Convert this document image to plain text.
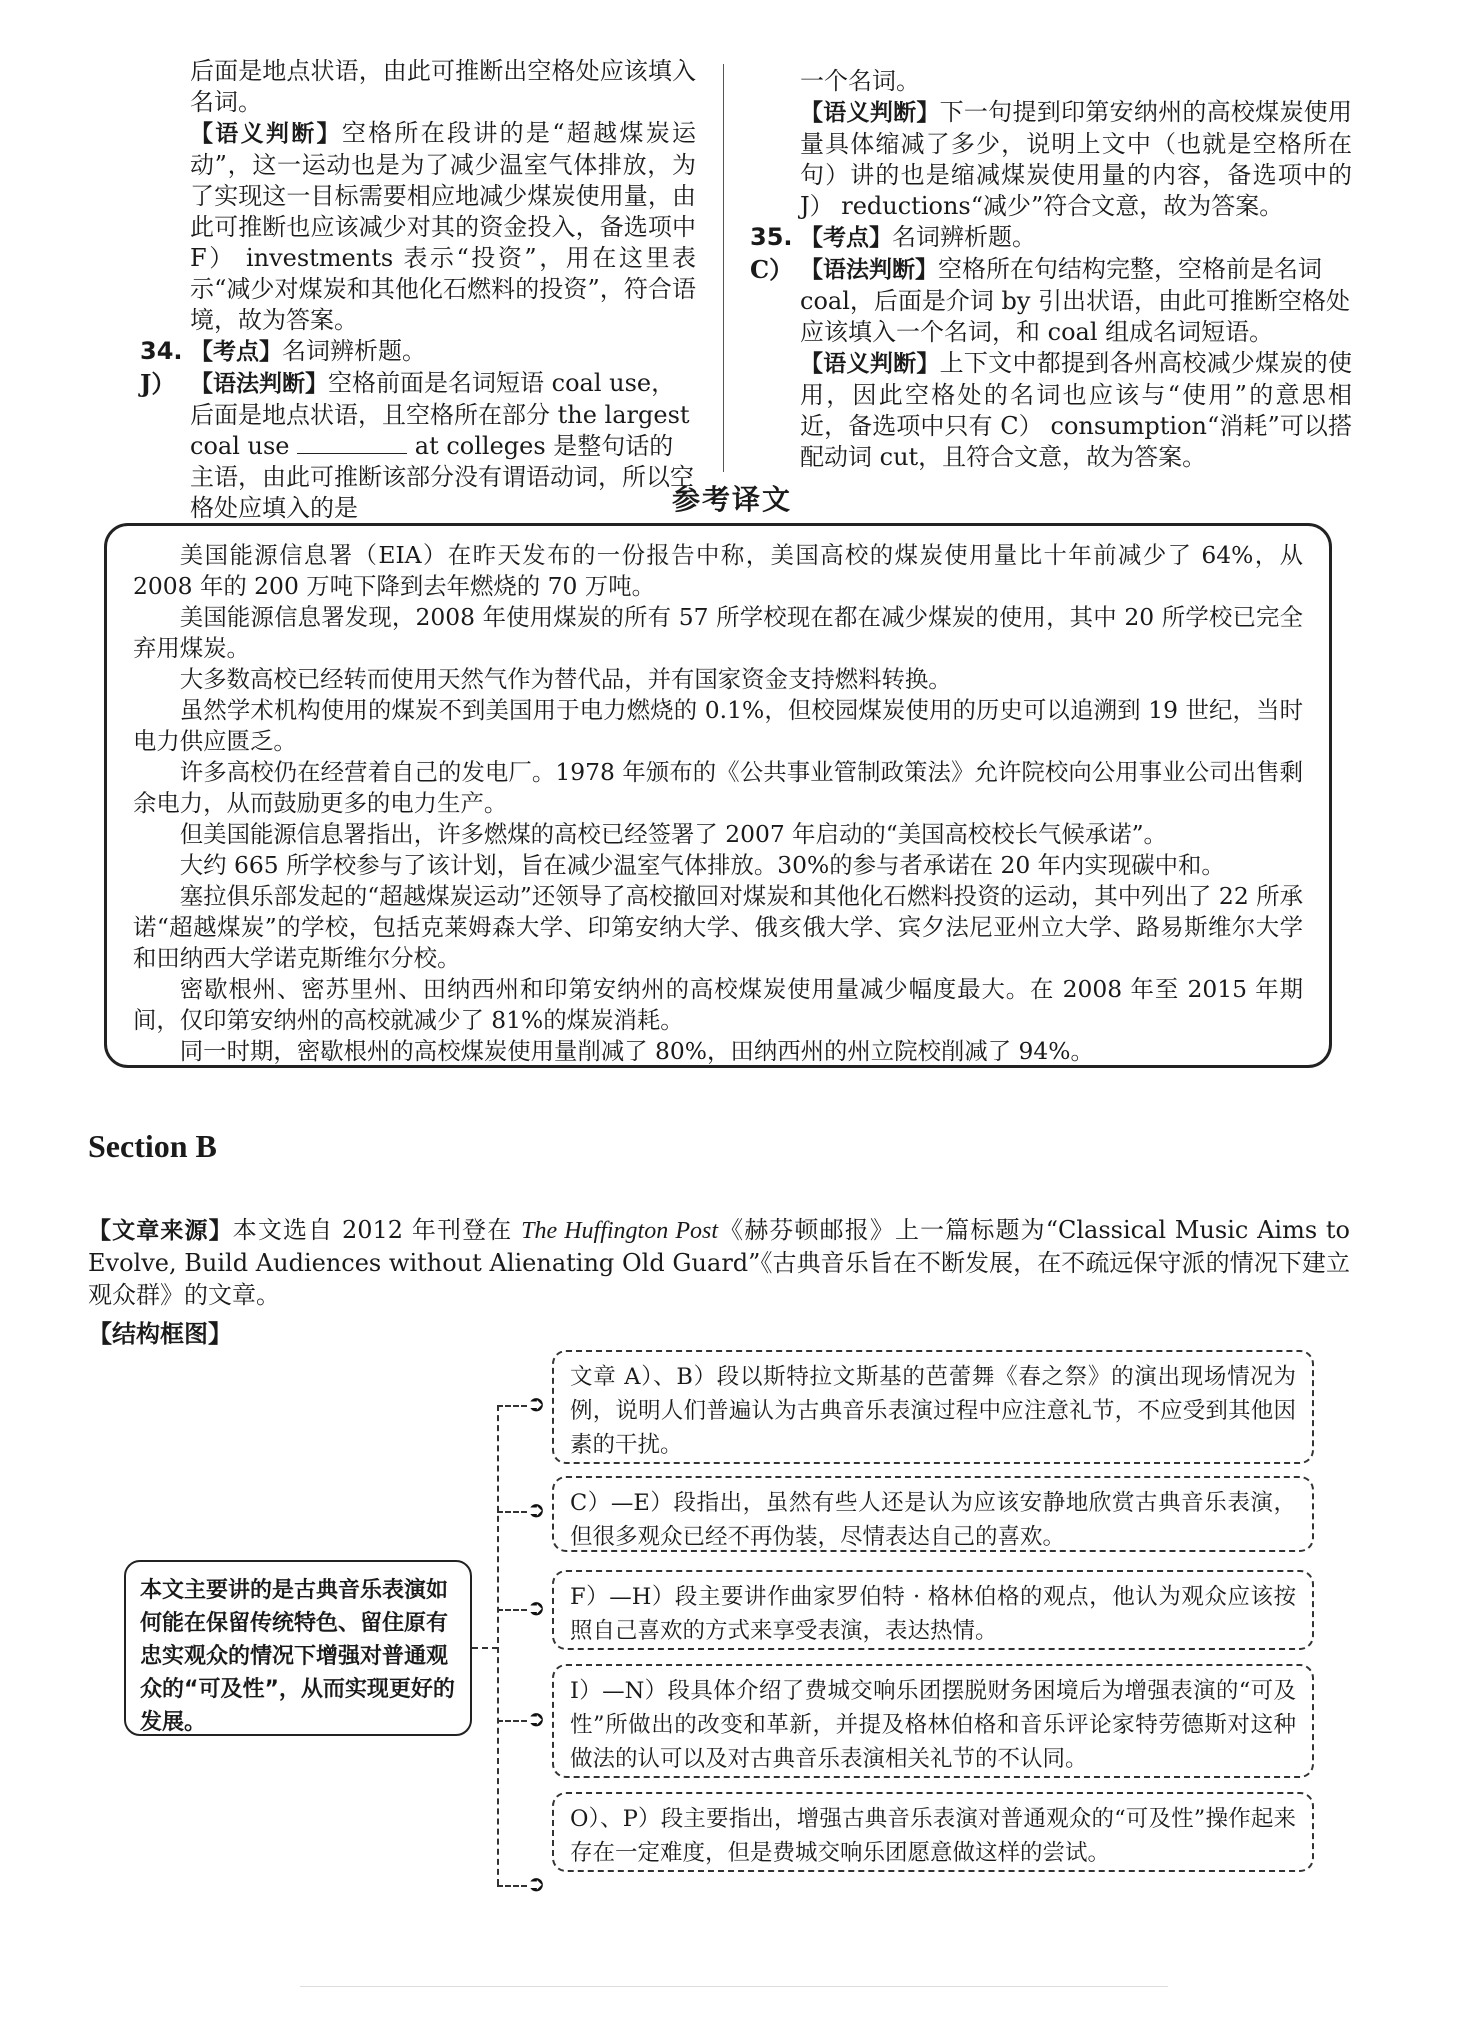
后面是地点状语，由此可推断出空格处应该填入名词。

【语义判断】空格所在段讲的是“超越煤炭运动”，这一运动也是为了减少温室气体排放，为了实现这一目标需要相应地减少煤炭使用量，由此可推断也应该减少对其的资金投入，备选项中 F） investments 表示“投资”，用在这里表示“减少对煤炭和其他化石燃料的投资”，符合语境，故为答案。

34. 【考点】名词辨析题。
J） 【语法判断】空格前面是名词短语 coal use，后面是地点状语，且空格所在部分 the largest coal use	at colleges 是整句话的主语，由此可推断该部分没有谓语动词，所以空格处应填入的是

一个名词。

【语义判断】下一句提到印第安纳州的高校煤炭使用量具体缩减了多少，说明上文中（也就是空格所在句）讲的也是缩减煤炭使用量的内容，备选项中的 J） reductions“减少”符合文意，故为答案。

35. 【考点】名词辨析题。
C） 【语法判断】空格所在句结构完整，空格前是名词 coal，后面是介词 by 引出状语，由此可推断空格处应该填入一个名词，和 coal 组成名词短语。

【语义判断】上下文中都提到各州高校减少煤炭的使用，因此空格处的名词也应该与“使用”的意思相近，备选项中只有 C） consumption“消耗”可以搭配动词 cut，且符合文意，故为答案。

参考译文

美国能源信息署（EIA）在昨天发布的一份报告中称，美国高校的煤炭使用量比十年前减少了 64%，从 2008 年的 200 万吨下降到去年燃烧的 70 万吨。

美国能源信息署发现，2008 年使用煤炭的所有 57 所学校现在都在减少煤炭的使用，其中 20 所学校已完全弃用煤炭。

大多数高校已经转而使用天然气作为替代品，并有国家资金支持燃料转换。

虽然学术机构使用的煤炭不到美国用于电力燃烧的 0.1%，但校园煤炭使用的历史可以追溯到 19 世纪，当时电力供应匮乏。

许多高校仍在经营着自己的发电厂。1978 年颁布的《公共事业管制政策法》允许院校向公用事业公司出售剩余电力，从而鼓励更多的电力生产。

但美国能源信息署指出，许多燃煤的高校已经签署了 2007 年启动的“美国高校校长气候承诺”。

大约 665 所学校参与了该计划，旨在减少温室气体排放。30%的参与者承诺在 20 年内实现碳中和。

塞拉俱乐部发起的“超越煤炭运动”还领导了高校撤回对煤炭和其他化石燃料投资的运动，其中列出了 22 所承诺“超越煤炭”的学校，包括克莱姆森大学、印第安纳大学、俄亥俄大学、宾夕法尼亚州立大学、路易斯维尔大学和田纳西大学诺克斯维尔分校。

密歇根州、密苏里州、田纳西州和印第安纳州的高校煤炭使用量减少幅度最大。在 2008 年至 2015 年期间，仅印第安纳州的高校就减少了 81%的煤炭消耗。

同一时期，密歇根州的高校煤炭使用量削减了 80%，田纳西州的州立院校削减了 94%。

Section B
【文章来源】本文选自 2012 年刊登在 The Huffington Post《赫芬顿邮报》上一篇标题为“Classical Music Aims to Evolve, Build Audiences without Alienating Old Guard”《古典音乐旨在不断发展，在不疏远保守派的情况下建立观众群》的文章。
【结构框图】
本文主要讲的是古典音乐表演如何能在保留传统特色、留住原有忠实观众的情况下增强对普通观众的“可及性”，从而实现更好的发展。
➲
➲
➲
➲
➲
文章 A）、B）段以斯特拉文斯基的芭蕾舞《春之祭》的演出现场情况为例，说明人们普遍认为古典音乐表演过程中应注意礼节，不应受到其他因素的干扰。
C）—E）段指出，虽然有些人还是认为应该安静地欣赏古典音乐表演，但很多观众已经不再伪装，尽情表达自己的喜欢。
F）—H）段主要讲作曲家罗伯特 · 格林伯格的观点，他认为观众应该按照自己喜欢的方式来享受表演，表达热情。
I）—N）段具体介绍了费城交响乐团摆脱财务困境后为增强表演的“可及性”所做出的改变和革新，并提及格林伯格和音乐评论家特劳德斯对这种做法的认可以及对古典音乐表演相关礼节的不认同。
O）、P）段主要指出，增强古典音乐表演对普通观众的“可及性”操作起来存在一定难度，但是费城交响乐团愿意做这样的尝试。
